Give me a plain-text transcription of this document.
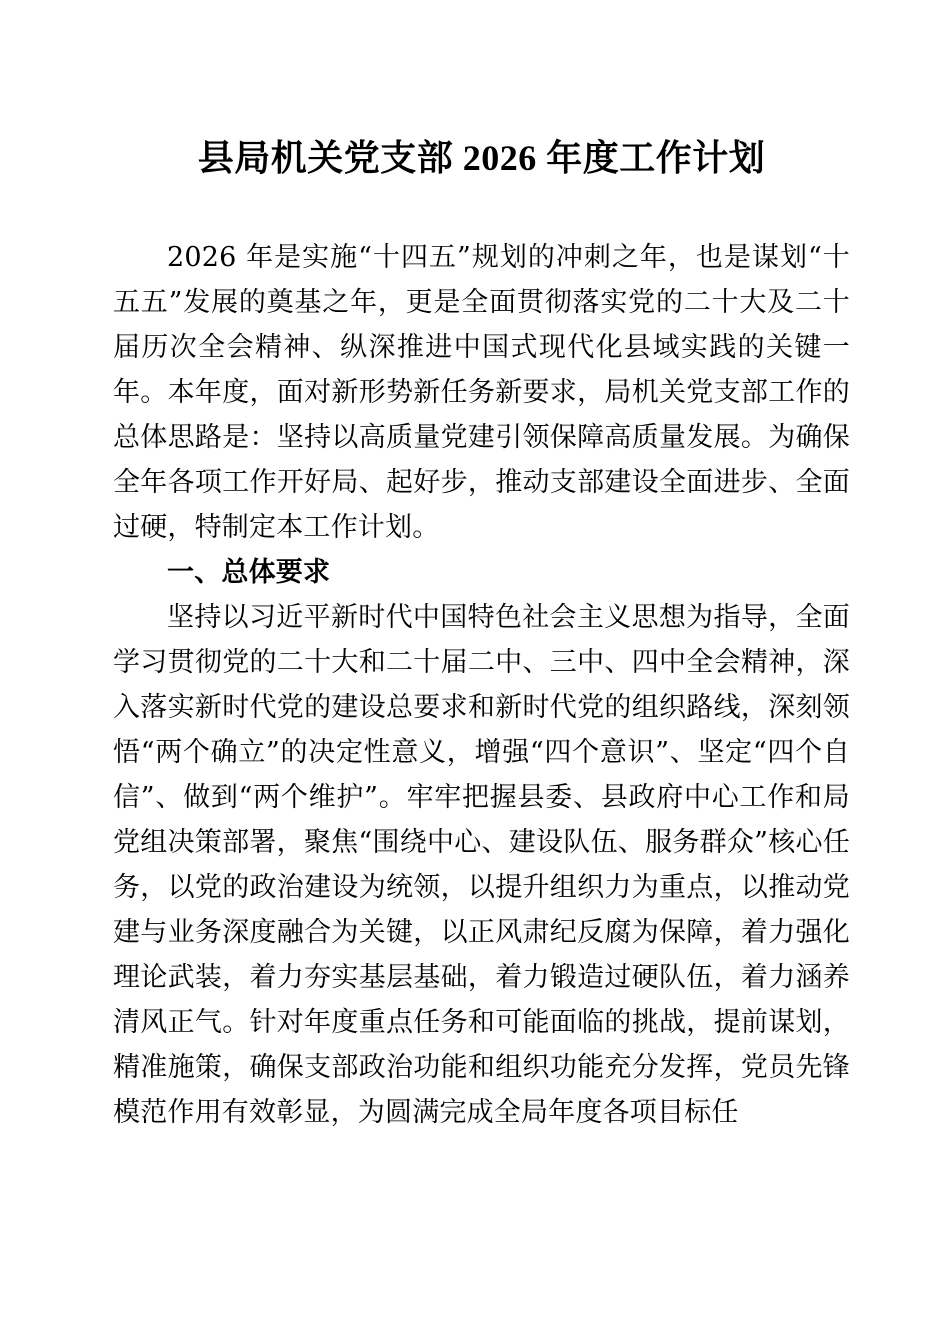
县局机关党支部 2026 年度工作计划

2026 年是实施“十四五”规划的冲刺之年，也是谋划“十五五”发展的奠基之年，更是全面贯彻落实党的二十大及二十届历次全会精神、纵深推进中国式现代化县域实践的关键一年。本年度，面对新形势新任务新要求，局机关党支部工作的总体思路是：坚持以高质量党建引领保障高质量发展。为确保全年各项工作开好局、起好步，推动支部建设全面进步、全面过硬，特制定本工作计划。

一、总体要求

坚持以习近平新时代中国特色社会主义思想为指导，全面学习贯彻党的二十大和二十届二中、三中、四中全会精神，深入落实新时代党的建设总要求和新时代党的组织路线，深刻领悟“两个确立”的决定性意义，增强“四个意识”、坚定“四个自信”、做到“两个维护”。牢牢把握县委、县政府中心工作和局党组决策部署，聚焦“围绕中心、建设队伍、服务群众”核心任务，以党的政治建设为统领，以提升组织力为重点，以推动党建与业务深度融合为关键，以正风肃纪反腐为保障，着力强化理论武装，着力夯实基层基础，着力锻造过硬队伍，着力涵养清风正气。针对年度重点任务和可能面临的挑战，提前谋划，精准施策，确保支部政治功能和组织功能充分发挥，党员先锋模范作用有效彰显，为圆满完成全局年度各项目标任
